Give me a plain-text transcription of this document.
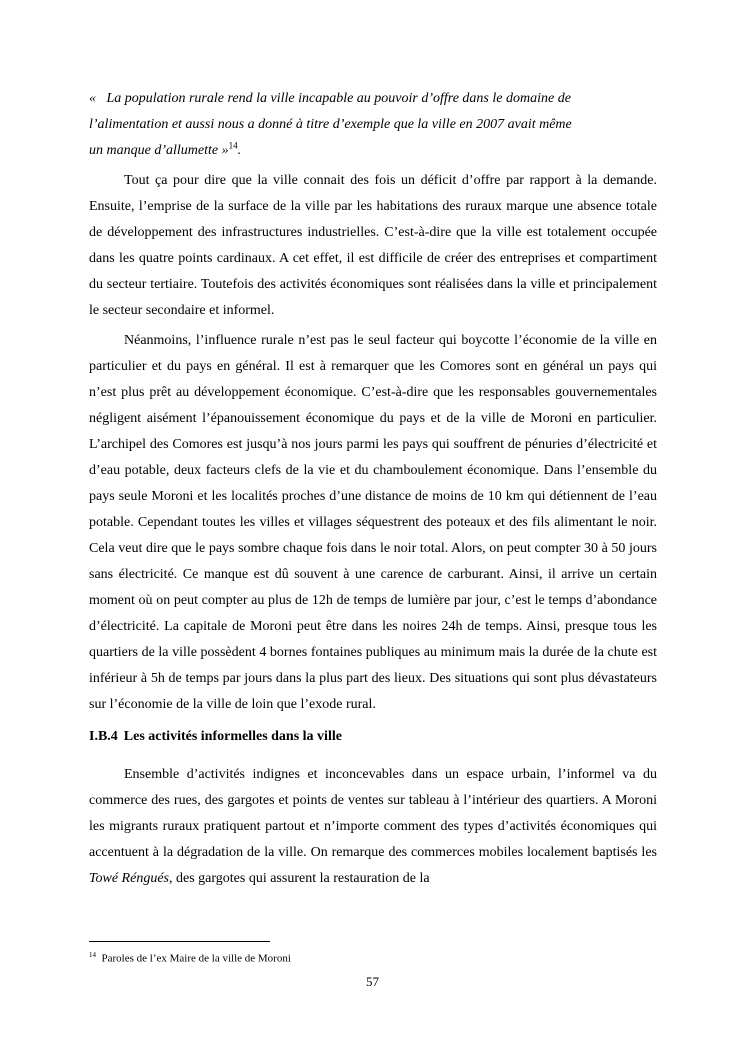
« La population rurale rend la ville incapable au pouvoir d’offre dans le domaine de
l’alimentation et aussi nous a donné à titre d’exemple que la ville en 2007 avait même
un manque d’allumette »$^{14}$.

Tout ça pour dire que la ville connait des fois un déficit d’offre par rapport à la demande. Ensuite, l’emprise de la surface de la ville par les habitations des ruraux marque une absence totale de développement des infrastructures industrielles. C’est-à-dire que la ville est totalement occupée dans les quatre points cardinaux. A cet effet, il est difficile de créer des entreprises et compartiment du secteur tertiaire. Toutefois des activités économiques sont réalisées dans la ville et principalement le secteur secondaire et informel.

Néanmoins, l’influence rurale n’est pas le seul facteur qui boycotte l’économie de la ville en particulier et du pays en général. Il est à remarquer que les Comores sont en général un pays qui n’est plus prêt au développement économique. C’est-à-dire que les responsables gouvernementales négligent aisément l’épanouissement économique du pays et de la ville de Moroni en particulier. L’archipel des Comores est jusqu’à nos jours parmi les pays qui souffrent de pénuries d’électricité et d’eau potable, deux facteurs clefs de la vie et du chamboulement économique. Dans l’ensemble du pays seule Moroni et les localités proches d’une distance de moins de 10 km qui détiennent de l’eau potable. Cependant toutes les villes et villages séquestrent des poteaux et des fils alimentant le noir. Cela veut dire que le pays sombre chaque fois dans le noir total. Alors, on peut compter 30 à 50 jours sans électricité. Ce manque est dû souvent à une carence de carburant. Ainsi, il arrive un certain moment où on peut compter au plus de 12h de temps de lumière par jour, c’est le temps d’abondance d’électricité. La capitale de Moroni peut être dans les noires 24h de temps. Ainsi, presque tous les quartiers de la ville possèdent 4 bornes fontaines publiques au minimum mais la durée de la chute est inférieur à 5h de temps par jours dans la plus part des lieux. Des situations qui sont plus dévastateurs sur l’économie de la ville de loin que l’exode rural.

I.B.4 Les activités informelles dans la ville

Ensemble d’activités indignes et inconcevables dans un espace urbain, l’informel va du commerce des rues, des gargotes et points de ventes sur tableau à l’intérieur des quartiers. A Moroni les migrants ruraux pratiquent partout et n’importe comment des types d’activités économiques qui accentuent à la dégradation de la ville. On remarque des commerces mobiles localement baptisés les Towé Réngués, des gargotes qui assurent la restauration de la

$^{14}$ Paroles de l’ex Maire de la ville de Moroni
57
